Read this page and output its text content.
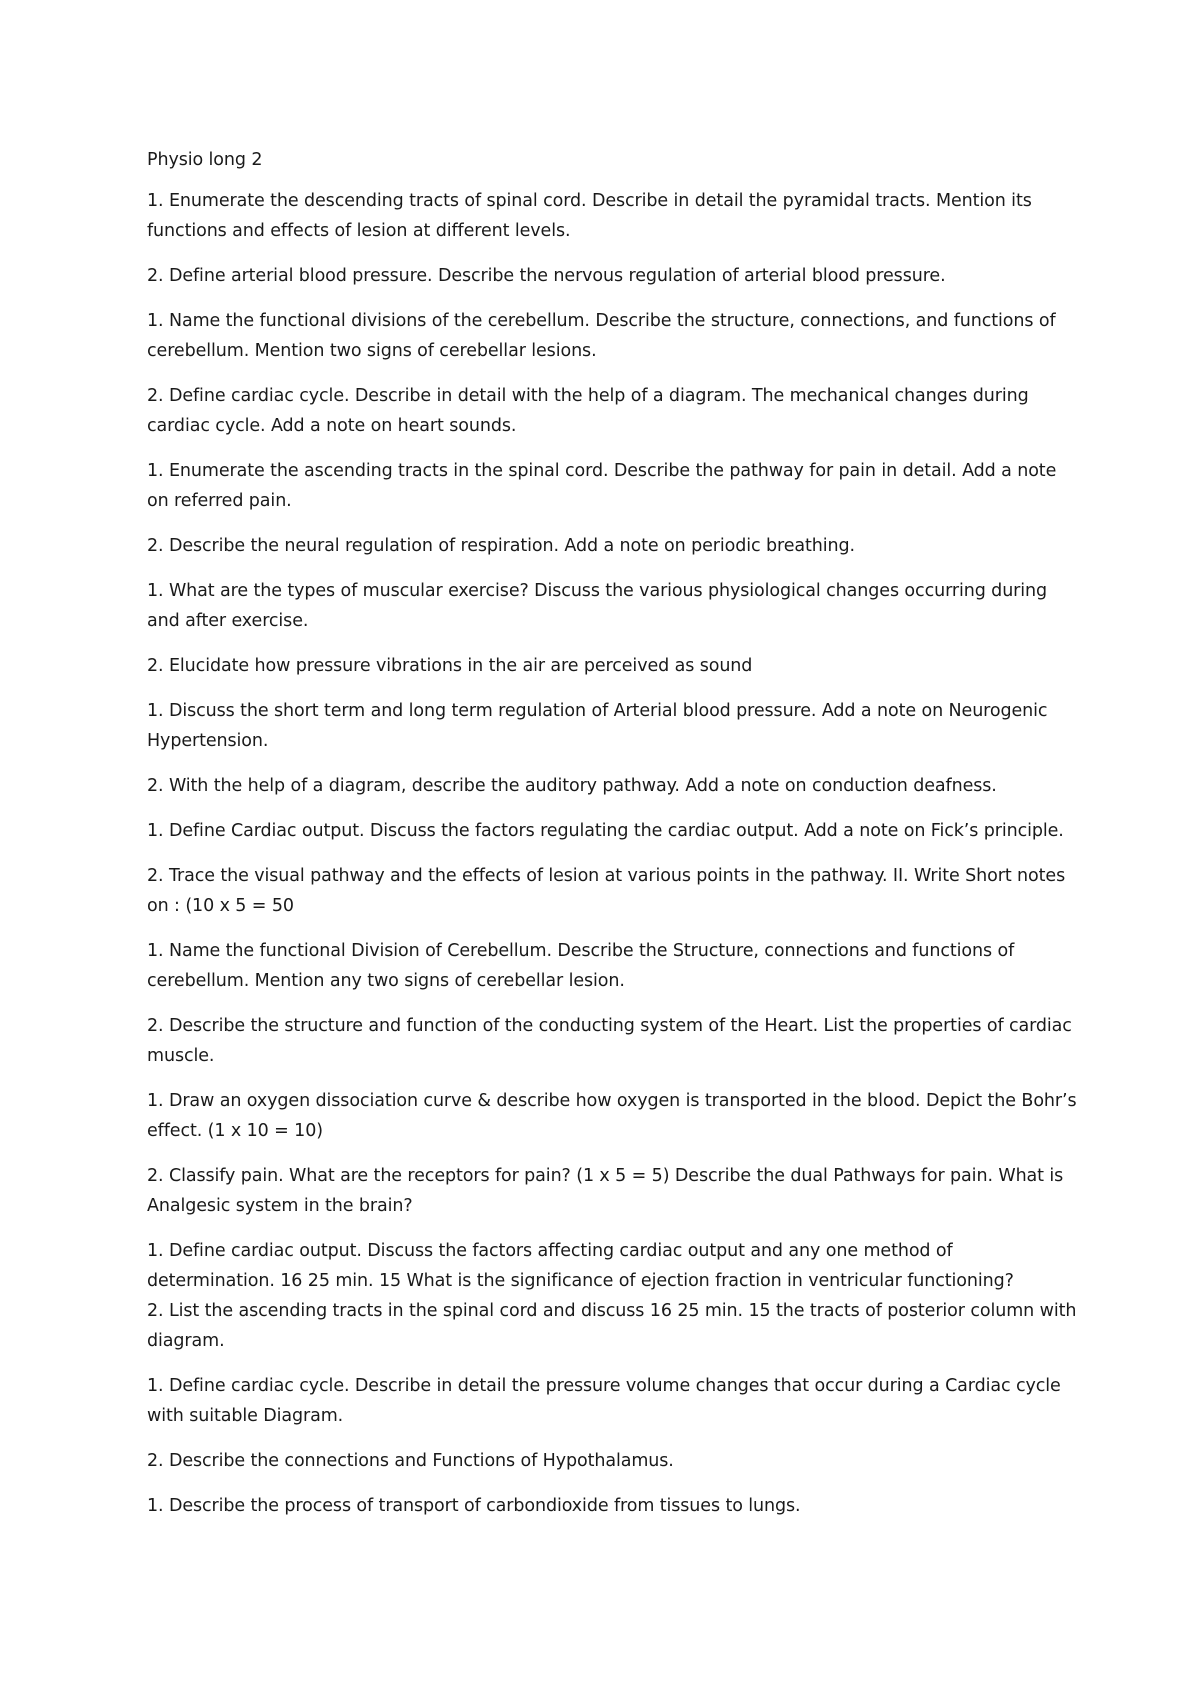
Physio long 2

1. Enumerate the descending tracts of spinal cord. Describe in detail the pyramidal tracts. Mention its functions and effects of lesion at different levels.

2. Define arterial blood pressure. Describe the nervous regulation of arterial blood pressure.

1. Name the functional divisions of the cerebellum. Describe the structure, connections, and functions of cerebellum. Mention two signs of cerebellar lesions.

2. Define cardiac cycle. Describe in detail with the help of a diagram. The mechanical changes during cardiac cycle. Add a note on heart sounds.

1. Enumerate the ascending tracts in the spinal cord. Describe the pathway for pain in detail. Add a note on referred pain.

2. Describe the neural regulation of respiration. Add a note on periodic breathing.

1. What are the types of muscular exercise? Discuss the various physiological changes occurring during and after exercise.

2. Elucidate how pressure vibrations in the air are perceived as sound

1. Discuss the short term and long term regulation of Arterial blood pressure. Add a note on Neurogenic Hypertension.

2. With the help of a diagram, describe the auditory pathway. Add a note on conduction deafness.

1. Define Cardiac output. Discuss the factors regulating the cardiac output. Add a note on Fick’s principle.

2. Trace the visual pathway and the effects of lesion at various points in the pathway. II. Write Short notes on : (10 x 5 = 50

1. Name the functional Division of Cerebellum. Describe the Structure, connections and functions of cerebellum. Mention any two signs of cerebellar lesion.

2. Describe the structure and function of the conducting system of the Heart. List the properties of cardiac muscle.

1. Draw an oxygen dissociation curve & describe how oxygen is transported in the blood. Depict the Bohr’s effect. (1 x 10 = 10)

2. Classify pain. What are the receptors for pain? (1 x 5 = 5) Describe the dual Pathways for pain. What is Analgesic system in the brain?

1. Define cardiac output. Discuss the factors affecting cardiac output and any one method of determination. 16 25 min. 15 What is the significance of ejection fraction in ventricular functioning?

2. List the ascending tracts in the spinal cord and discuss 16 25 min. 15 the tracts of posterior column with diagram.

1. Define cardiac cycle. Describe in detail the pressure volume changes that occur during a Cardiac cycle with suitable Diagram.

2. Describe the connections and Functions of Hypothalamus.

1. Describe the process of transport of carbondioxide from tissues to lungs.
